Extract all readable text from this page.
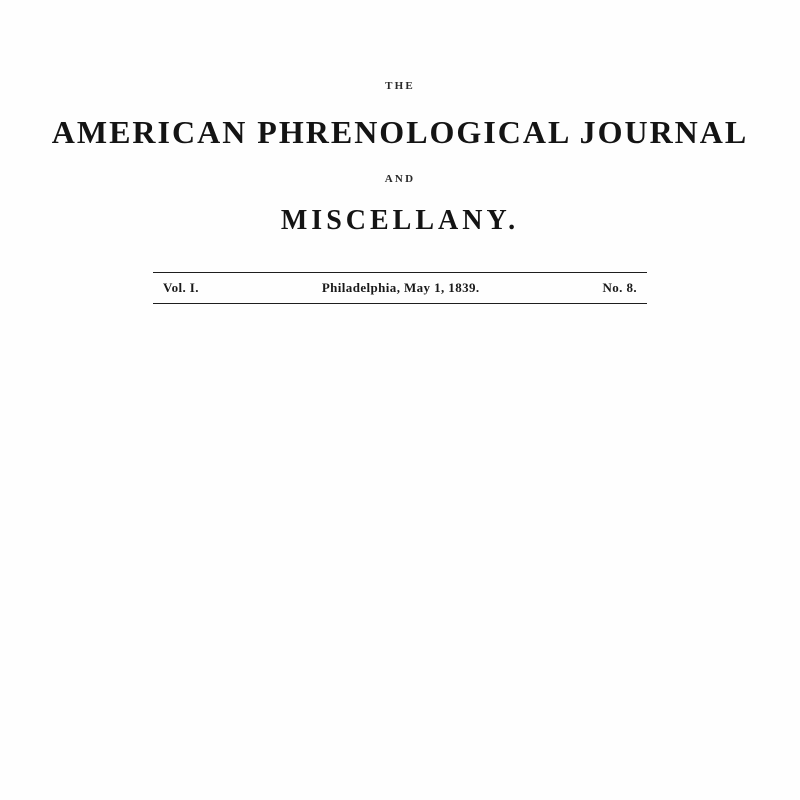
THE
AMERICAN PHRENOLOGICAL JOURNAL
AND
MISCELLANY.
Vol. I.	Philadelphia, May 1, 1839.	No. 8.
